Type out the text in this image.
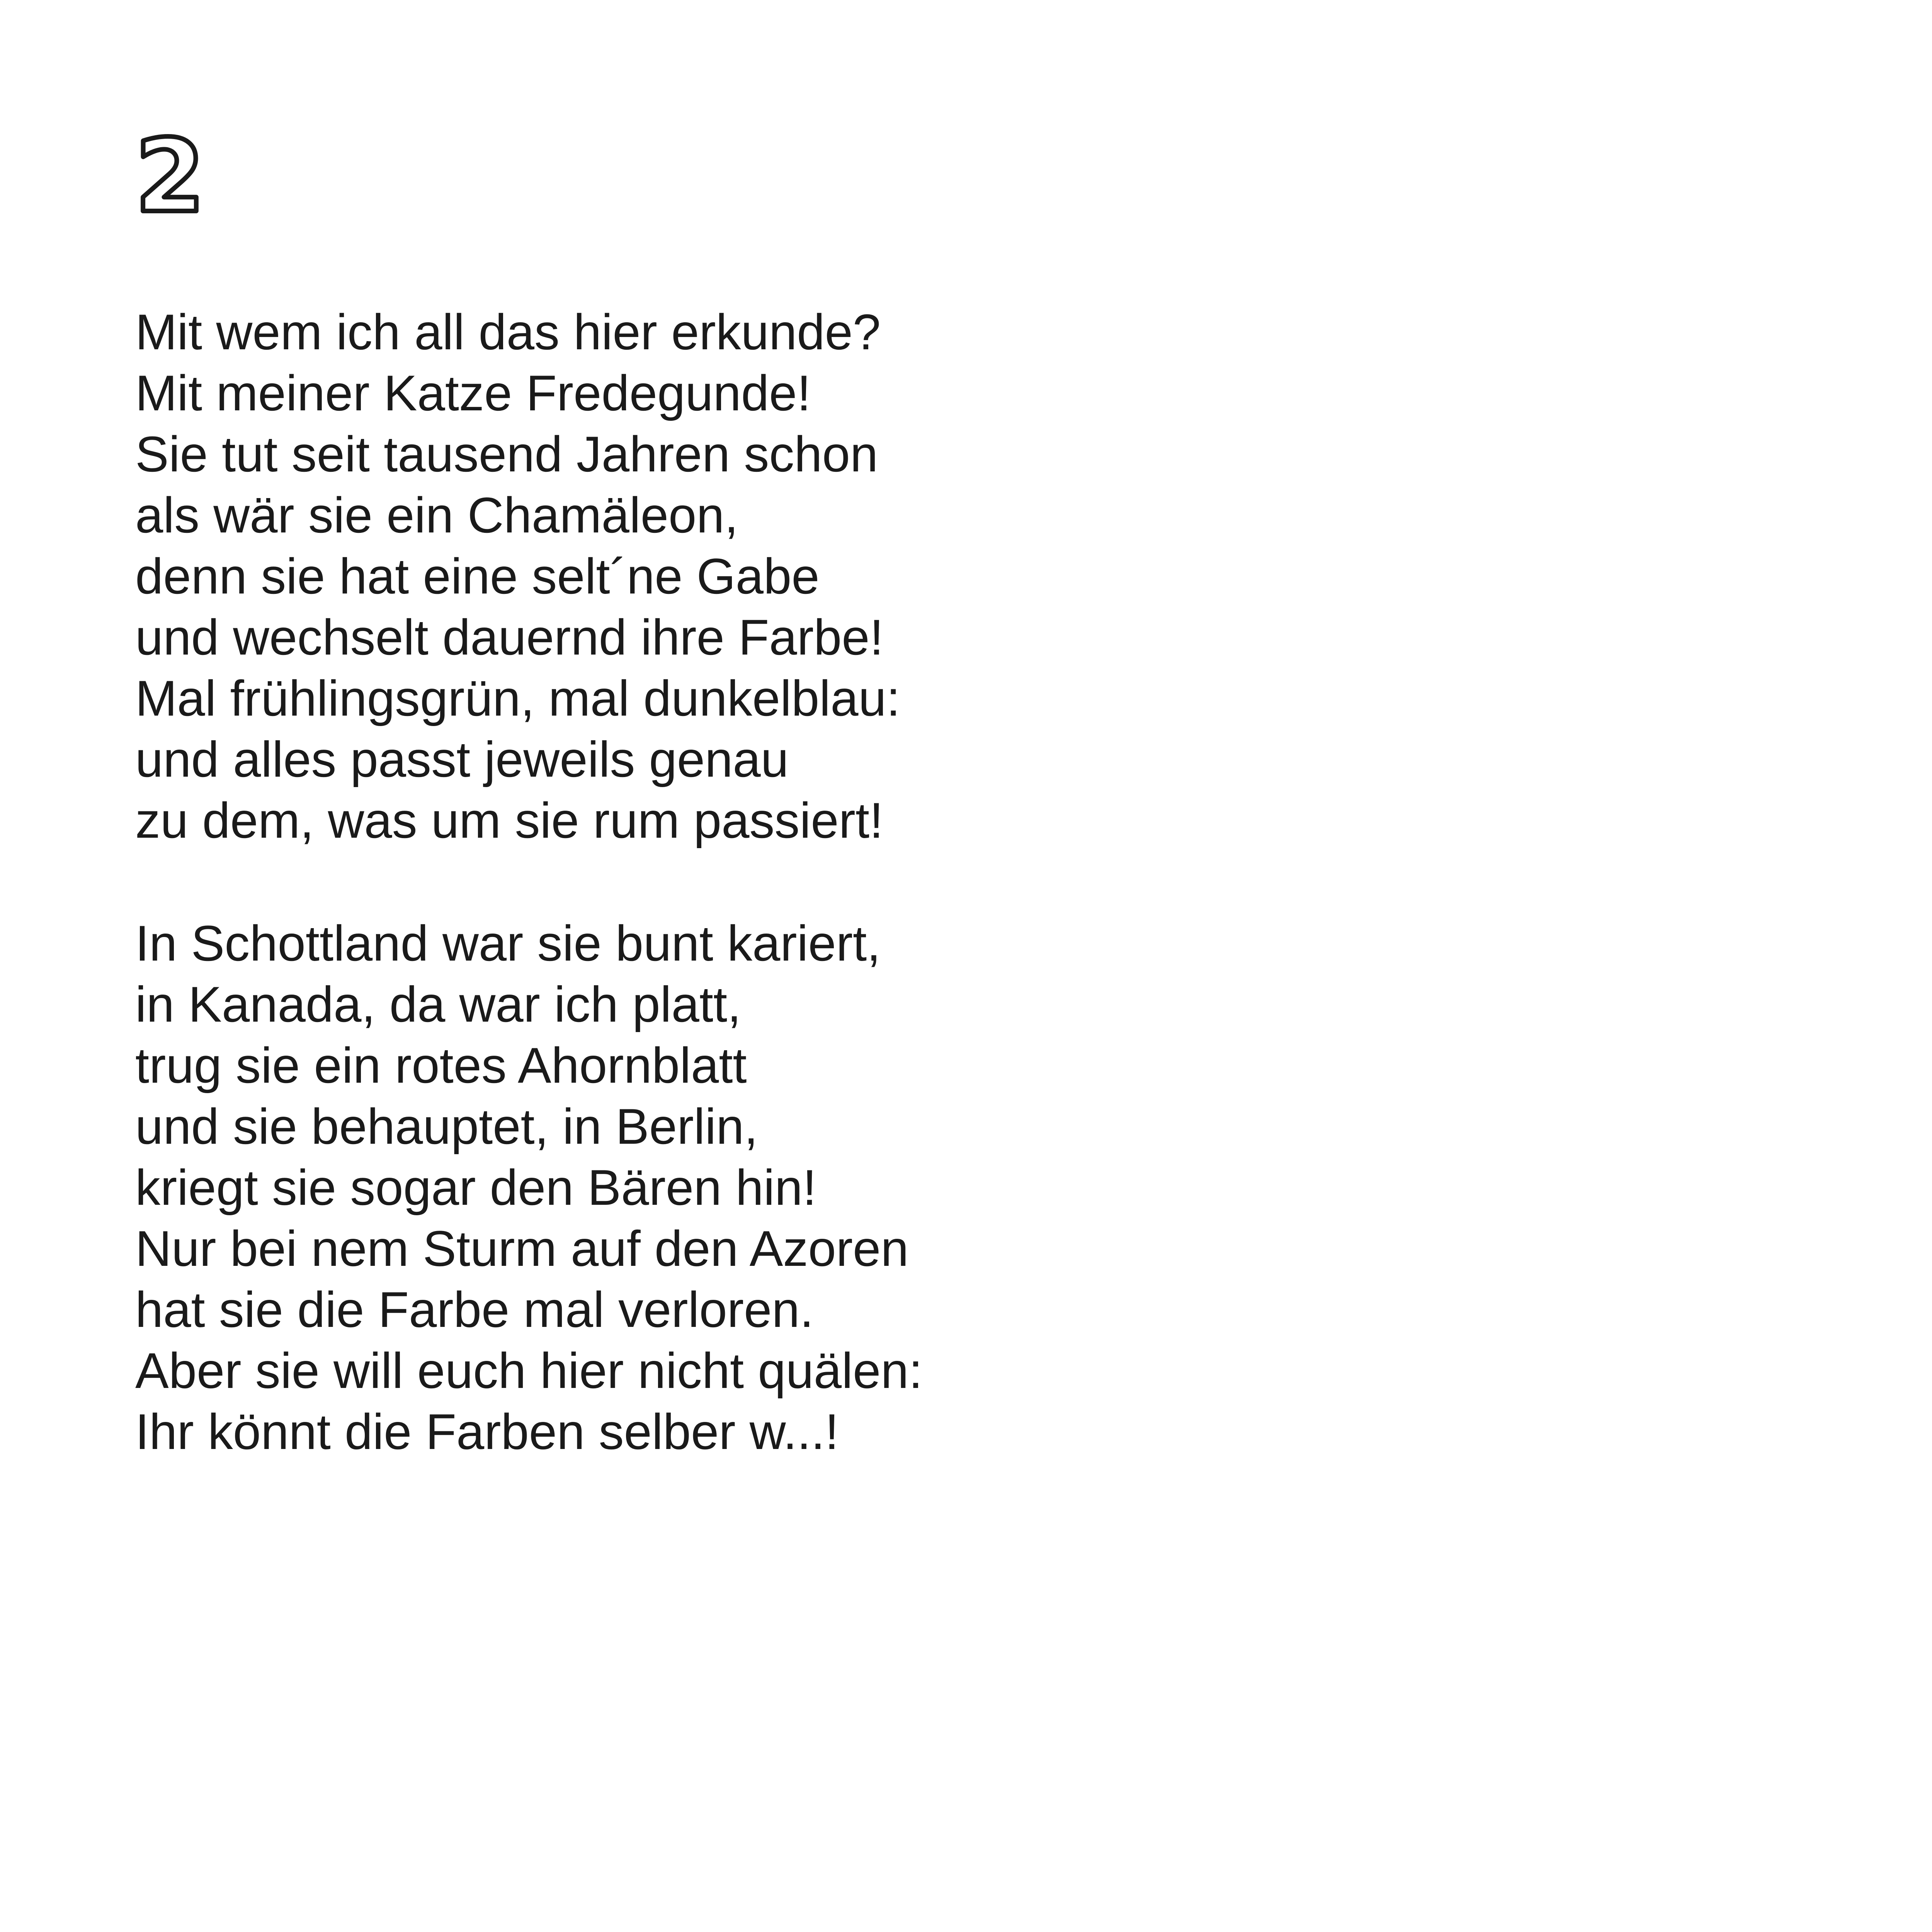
2
Mit wem ich all das hier erkunde?
Mit meiner Katze Fredegunde!
Sie tut seit tausend Jahren schon
als wär sie ein Chamäleon,
denn sie hat eine selt´ne Gabe
und wechselt dauernd ihre Farbe!
Mal frühlingsgrün, mal dunkelblau:
und alles passt jeweils genau
zu dem, was um sie rum passiert!
In Schottland war sie bunt kariert,
in Kanada, da war ich platt,
trug sie ein rotes Ahornblatt
und sie behauptet, in Berlin,
kriegt sie sogar den Bären hin!
Nur bei nem Sturm auf den Azoren
hat sie die Farbe mal verloren.
Aber sie will euch hier nicht quälen:
Ihr könnt die Farben selber w...!
